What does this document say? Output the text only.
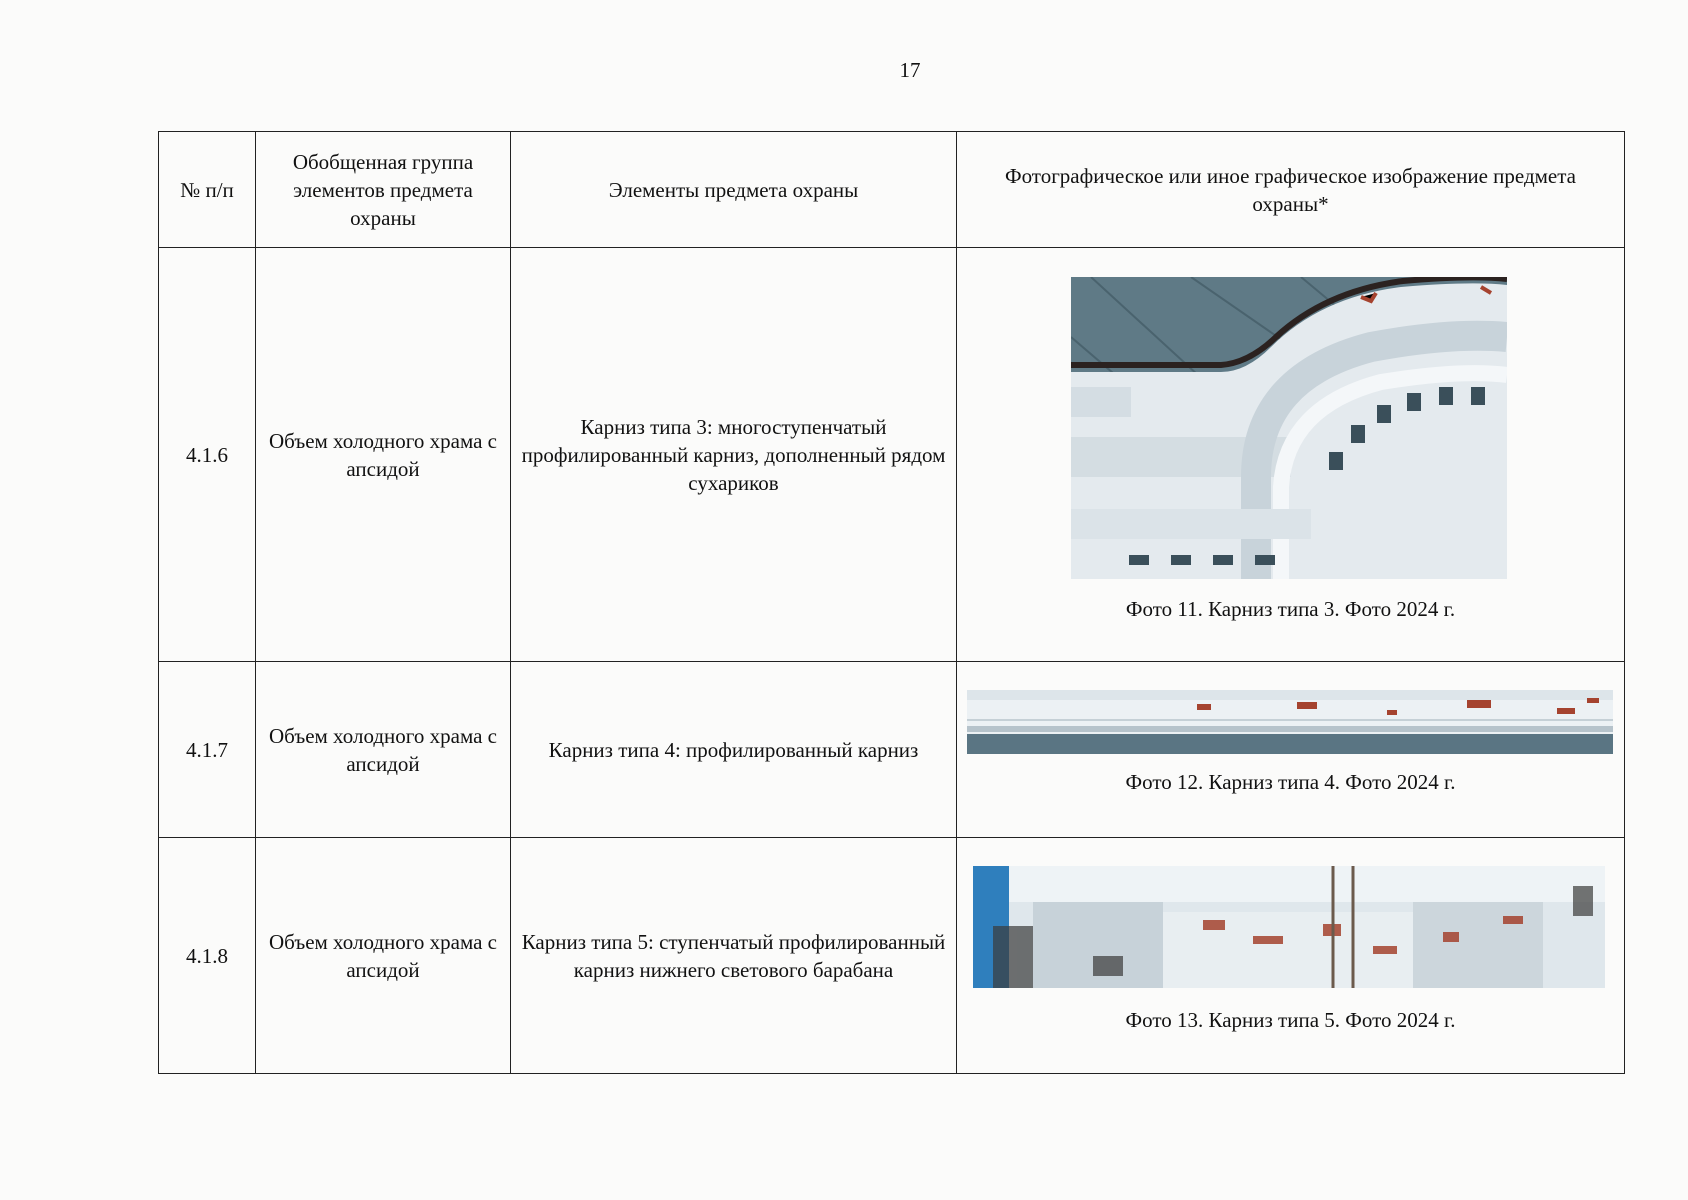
17
№ п/п	Обобщенная группа элементов предмета охраны	Элементы предмета охраны	Фотографическое или иное графическое изображение предмета охраны*
4.1.6	Объем холодного храма с апсидой	Карниз типа 3: многоступенчатый профилированный карниз, дополненный рядом сухариков	Фото 11. Карниз типа 3. Фото 2024 г.

4.1.7	Объем холодного храма с апсидой	Карниз типа 4: профилированный карниз	Фото 12. Карниз типа 4. Фото 2024 г.

4.1.8	Объем холодного храма с апсидой	Карниз типа 5: ступенчатый профилированный карниз нижнего светового барабана	Фото 13. Карниз типа 5. Фото 2024 г.
